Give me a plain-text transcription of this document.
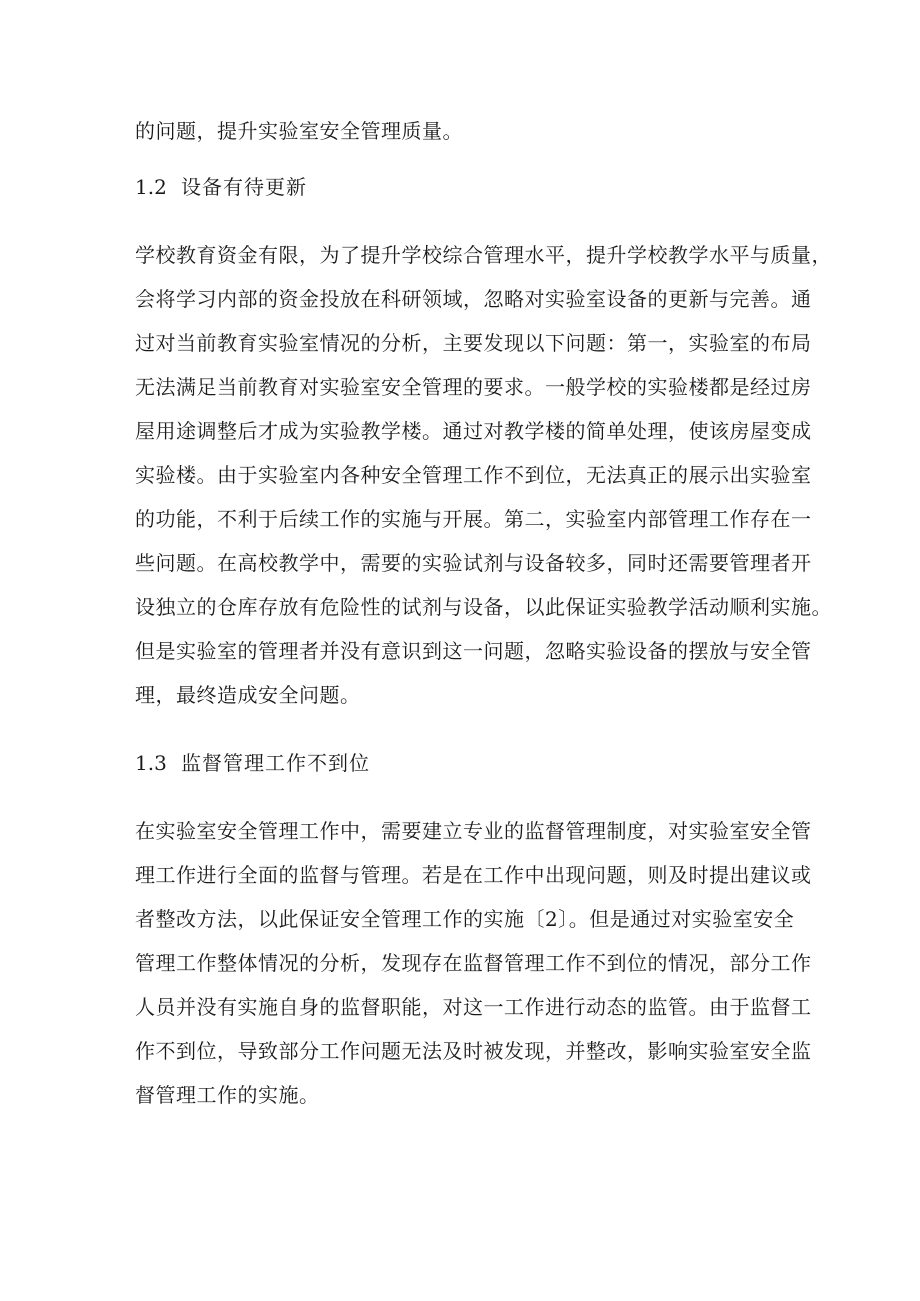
的问题，提升实验室安全管理质量。
1.2 设备有待更新
学校教育资金有限，为了提升学校综合管理水平，提升学校教学水平与质量，
会将学习内部的资金投放在科研领域，忽略对实验室设备的更新与完善。通
过对当前教育实验室情况的分析，主要发现以下问题：第一，实验室的布局
无法满足当前教育对实验室安全管理的要求。一般学校的实验楼都是经过房
屋用途调整后才成为实验教学楼。通过对教学楼的简单处理，使该房屋变成
实验楼。由于实验室内各种安全管理工作不到位，无法真正的展示出实验室
的功能，不利于后续工作的实施与开展。第二，实验室内部管理工作存在一
些问题。在高校教学中，需要的实验试剂与设备较多，同时还需要管理者开
设独立的仓库存放有危险性的试剂与设备，以此保证实验教学活动顺利实施。
但是实验室的管理者并没有意识到这一问题，忽略实验设备的摆放与安全管
理，最终造成安全问题。
1.3 监督管理工作不到位
在实验室安全管理工作中，需要建立专业的监督管理制度，对实验室安全管
理工作进行全面的监督与管理。若是在工作中出现问题，则及时提出建议或
者整改方法，以此保证安全管理工作的实施〔2〕。但是通过对实验室安全
管理工作整体情况的分析，发现存在监督管理工作不到位的情况，部分工作
人员并没有实施自身的监督职能，对这一工作进行动态的监管。由于监督工
作不到位，导致部分工作问题无法及时被发现，并整改，影响实验室安全监
督管理工作的实施。
